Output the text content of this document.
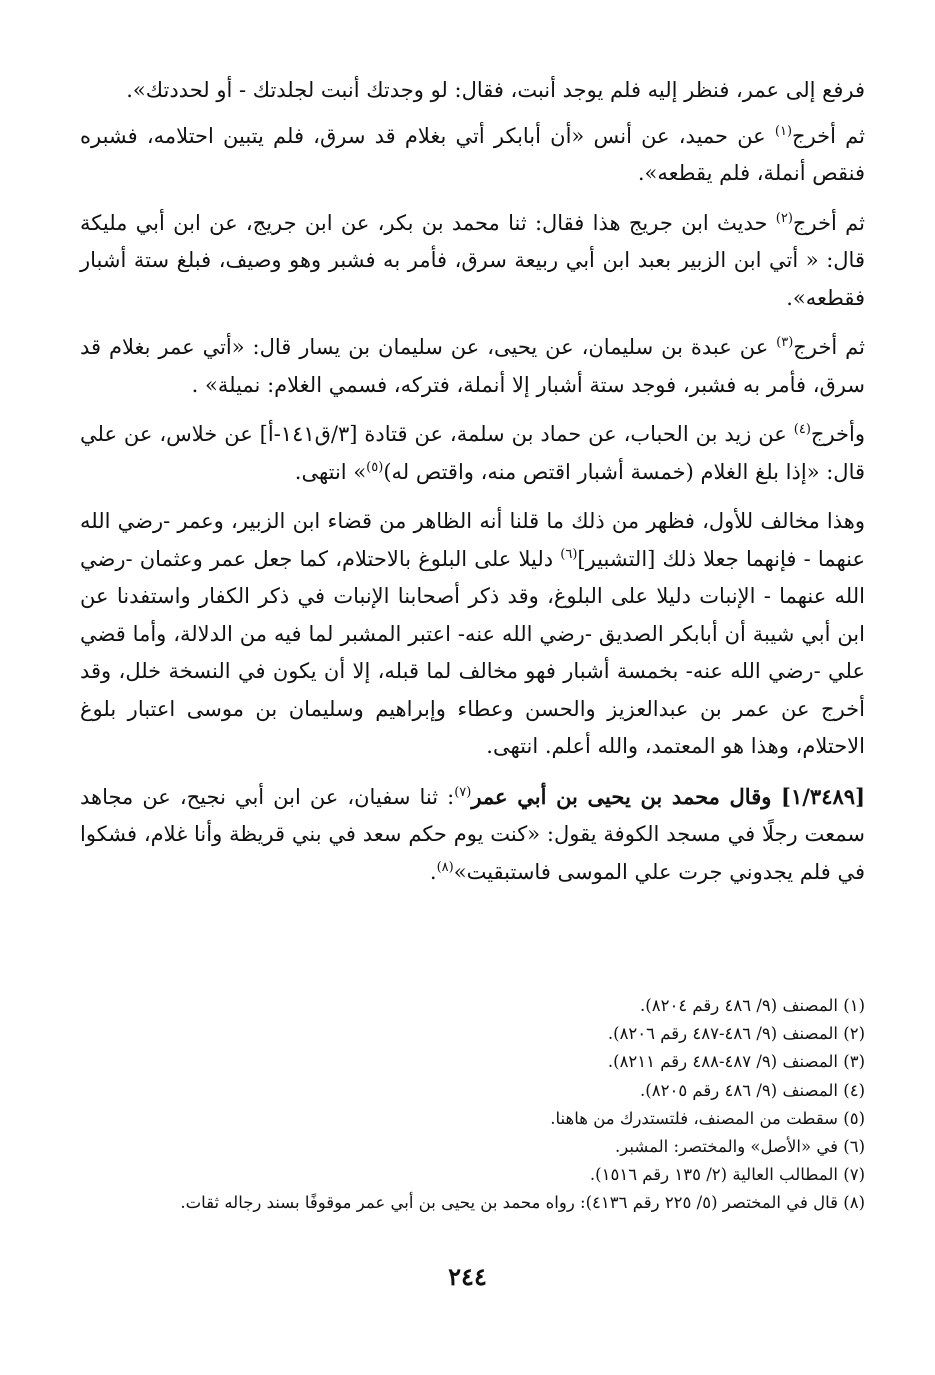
فرفع إلى عمر، فنظر إليه فلم يوجد أنبت، فقال: لو وجدتك أنبت لجلدتك - أو لحددتك».

ثم أخرج$^{(١)}$ عن حميد، عن أنس «أن أبابكر أتي بغلام قد سرق، فلم يتبين احتلامه، فشبره فنقص أنملة، فلم يقطعه».

ثم أخرج$^{(٢)}$ حديث ابن جريج هذا فقال: ثنا محمد بن بكر، عن ابن جريج، عن ابن أبي مليكة قال: « أتي ابن الزبير بعبد ابن أبي ربيعة سرق، فأمر به فشبر وهو وصيف، فبلغ ستة أشبار فقطعه».

ثم أخرج$^{(٣)}$ عن عبدة بن سليمان، عن يحيى، عن سليمان بن يسار قال: «أتي عمر بغلام قد سرق، فأمر به فشبر، فوجد ستة أشبار إلا أنملة، فتركه، فسمي الغلام: نميلة» .

وأخرج$^{(٤)}$ عن زيد بن الحباب، عن حماد بن سلمة، عن قتادة [٣/ق١٤١-أ] عن خلاس، عن علي قال: «إذا بلغ الغلام (خمسة أشبار اقتص منه، واقتص له)$^{(٥)}$» انتهى.

وهذا مخالف للأول، فظهر من ذلك ما قلنا أنه الظاهر من قضاء ابن الزبير، وعمر -رضي الله عنهما - فإنهما جعلا ذلك [التشبير]$^{(٦)}$ دليلا على البلوغ بالاحتلام، كما جعل عمر وعثمان -رضي الله عنهما - الإنبات دليلا على البلوغ، وقد ذكر أصحابنا الإنبات في ذكر الكفار واستفدنا عن ابن أبي شيبة أن أبابكر الصديق -رضي الله عنه- اعتبر المشبر لما فيه من الدلالة، وأما قضي علي -رضي الله عنه- بخمسة أشبار فهو مخالف لما قبله، إلا أن يكون في النسخة خلل، وقد أخرج عن عمر بن عبدالعزيز والحسن وعطاء وإبراهيم وسليمان بن موسى اعتبار بلوغ الاحتلام، وهذا هو المعتمد، والله أعلم. انتهى.

[١/٣٤٨٩] وقال محمد بن يحيى بن أبي عمر$^{(٧)}$: ثنا سفيان، عن ابن أبي نجيح، عن مجاهد سمعت رجلًا في مسجد الكوفة يقول: «كنت يوم حكم سعد في بني قريظة وأنا غلام، فشكوا في فلم يجدوني جرت علي الموسى فاستبقيت»$^{(٨)}$.

(١) المصنف (٩/ ٤٨٦ رقم ٨٢٠٤).
(٢) المصنف (٩/ ٤٨٦-٤٨٧ رقم ٨٢٠٦).
(٣) المصنف (٩/ ٤٨٧-٤٨٨ رقم ٨٢١١).
(٤) المصنف (٩/ ٤٨٦ رقم ٨٢٠٥).
(٥) سقطت من المصنف، فلتستدرك من هاهنا.
(٦) في «الأصل» والمختصر: المشبر.
(٧) المطالب العالية (٢/ ١٣٥ رقم ١٥١٦).
(٨) قال في المختصر (٥/ ٢٢٥ رقم ٤١٣٦): رواه محمد بن يحيى بن أبي عمر موقوفًا بسند رجاله ثقات.
٢٤٤
